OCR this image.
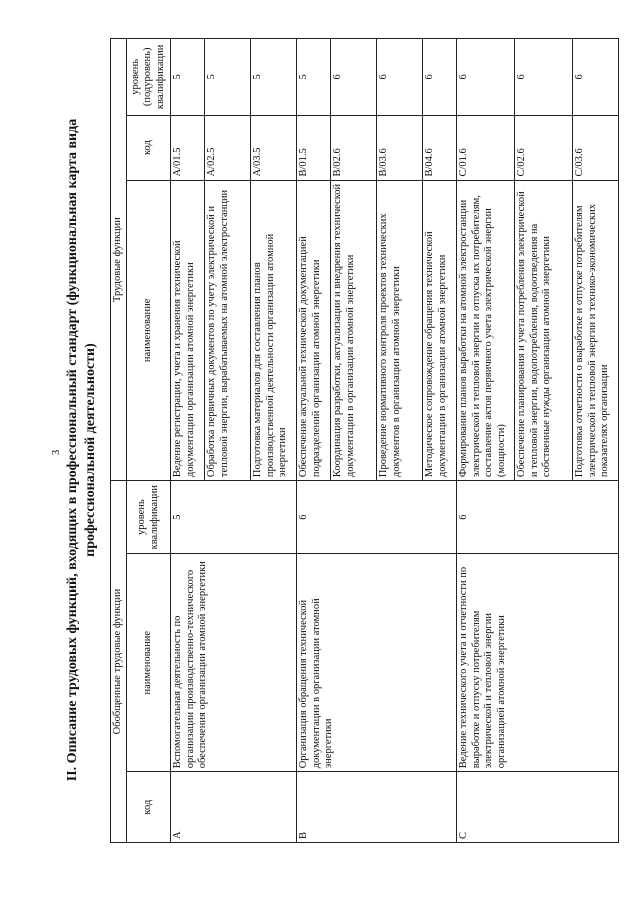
3 II. Описание трудовых функций, входящих в профессиональный стандарт (функциональная карта вида профессиональной деятельности)
Обобщенные трудовые функции			Трудовые функции		
код	наименование	уровень квалификации	наименование	код	уровень (подуровень) квалификации
A	Вспомогательная деятельность по организации производственно-технического обеспечения организации атомной энергетики	5	Ведение регистрации, учета и хранения технической документации организации атомной энергетики	A/01.5	5
			Обработка первичных документов по учету электрической и тепловой энергии, вырабатываемых на атомной электростанции	A/02.5	5
			Подготовка материалов для составления планов производственной деятельности организации атомной энергетики	A/03.5	5
B	Организация обращения технической документации в организации атомной энергетики	6	Обеспечение актуальной технической документацией подразделений организации атомной энергетики	B/01.5	5
			Координация разработки, актуализации и внедрения технической документации в организации атомной энергетики	B/02.6	6
			Проведение нормативного контроля проектов технических документов в организации атомной энергетики	B/03.6	6
			Методическое сопровождение обращения технической документации в организации атомной энергетики	B/04.6	6
C	Ведение технического учета и отчетности по выработке и отпуску потребителям электрической и тепловой энергии организацией атомной энергетики	6	Формирование планов выработки на атомной электростанции электрической и тепловой энергии и отпуска их потребителям, составление актов первичного учета электрической энергии (мощности)	C/01.6	6
			Обеспечение планирования и учета потребления электрической и тепловой энергии, водопотребления, водоотведения на собственные нужды организации атомной энергетики	C/02.6	6
			Подготовка отчетности о выработке и отпуске потребителям электрической и тепловой энергии и технико-экономических показателях организации	C/03.6	6
